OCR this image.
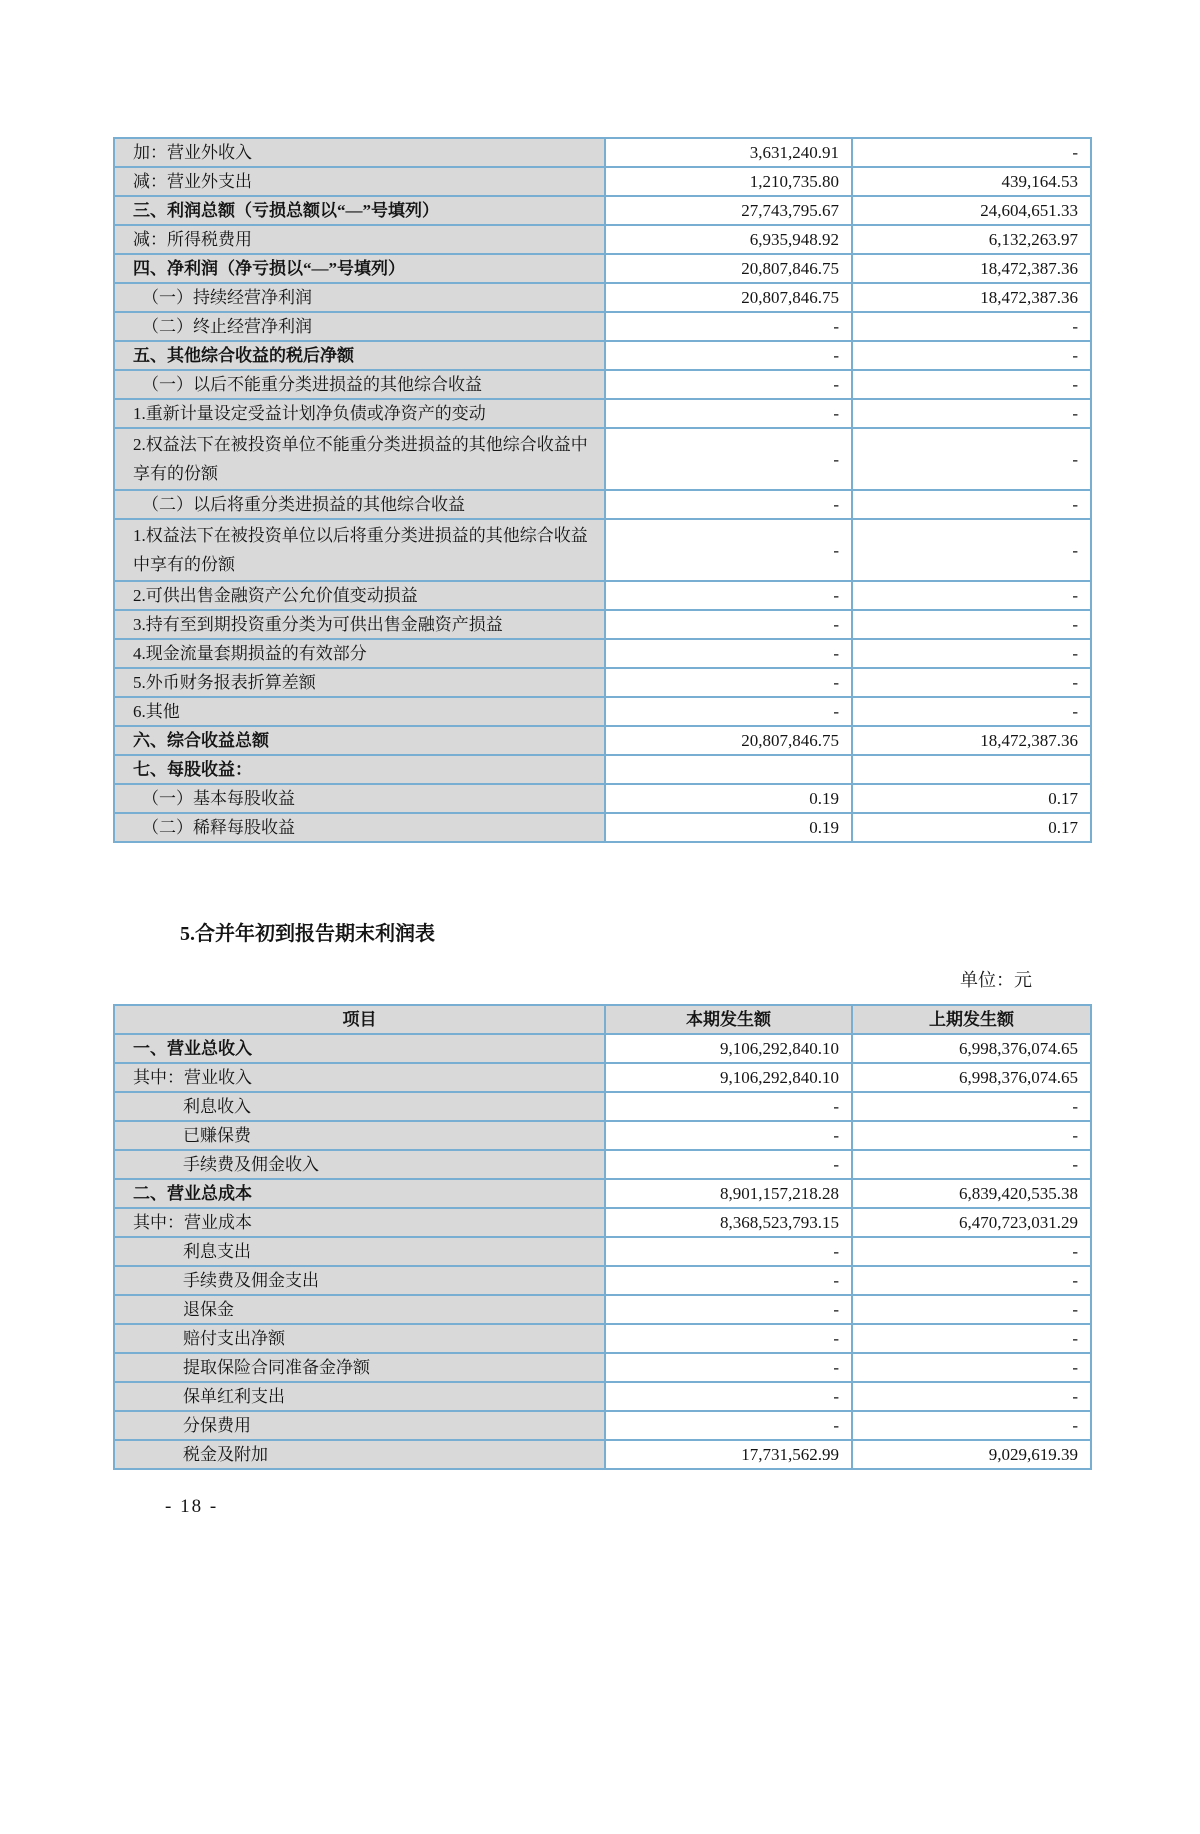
加：营业外收入	3,631,240.91	-
减：营业外支出	1,210,735.80	439,164.53
三、利润总额（亏损总额以“—”号填列）	27,743,795.67	24,604,651.33
减：所得税费用	6,935,948.92	6,132,263.97
四、净利润（净亏损以“—”号填列）	20,807,846.75	18,472,387.36
（一）持续经营净利润	20,807,846.75	18,472,387.36
（二）终止经营净利润	-	-
五、其他综合收益的税后净额	-	-
（一）以后不能重分类进损益的其他综合收益	-	-
1.重新计量设定受益计划净负债或净资产的变动	-	-
2.权益法下在被投资单位不能重分类进损益的其他综合收益中享有的份额	-	-
（二）以后将重分类进损益的其他综合收益	-	-
1.权益法下在被投资单位以后将重分类进损益的其他综合收益中享有的份额	-	-
2.可供出售金融资产公允价值变动损益	-	-
3.持有至到期投资重分类为可供出售金融资产损益	-	-
4.现金流量套期损益的有效部分	-	-
5.外币财务报表折算差额	-	-
6.其他	-	-
六、综合收益总额	20,807,846.75	18,472,387.36
七、每股收益：		
（一）基本每股收益	0.19	0.17
（二）稀释每股收益	0.19	0.17
5.合并年初到报告期末利润表
单位：元
项目	本期发生额	上期发生额
一、营业总收入	9,106,292,840.10	6,998,376,074.65
其中：营业收入	9,106,292,840.10	6,998,376,074.65
利息收入	-	-
已赚保费	-	-
手续费及佣金收入	-	-
二、营业总成本	8,901,157,218.28	6,839,420,535.38
其中：营业成本	8,368,523,793.15	6,470,723,031.29
利息支出	-	-
手续费及佣金支出	-	-
退保金	-	-
赔付支出净额	-	-
提取保险合同准备金净额	-	-
保单红利支出	-	-
分保费用	-	-
税金及附加	17,731,562.99	9,029,619.39
- 18 -
